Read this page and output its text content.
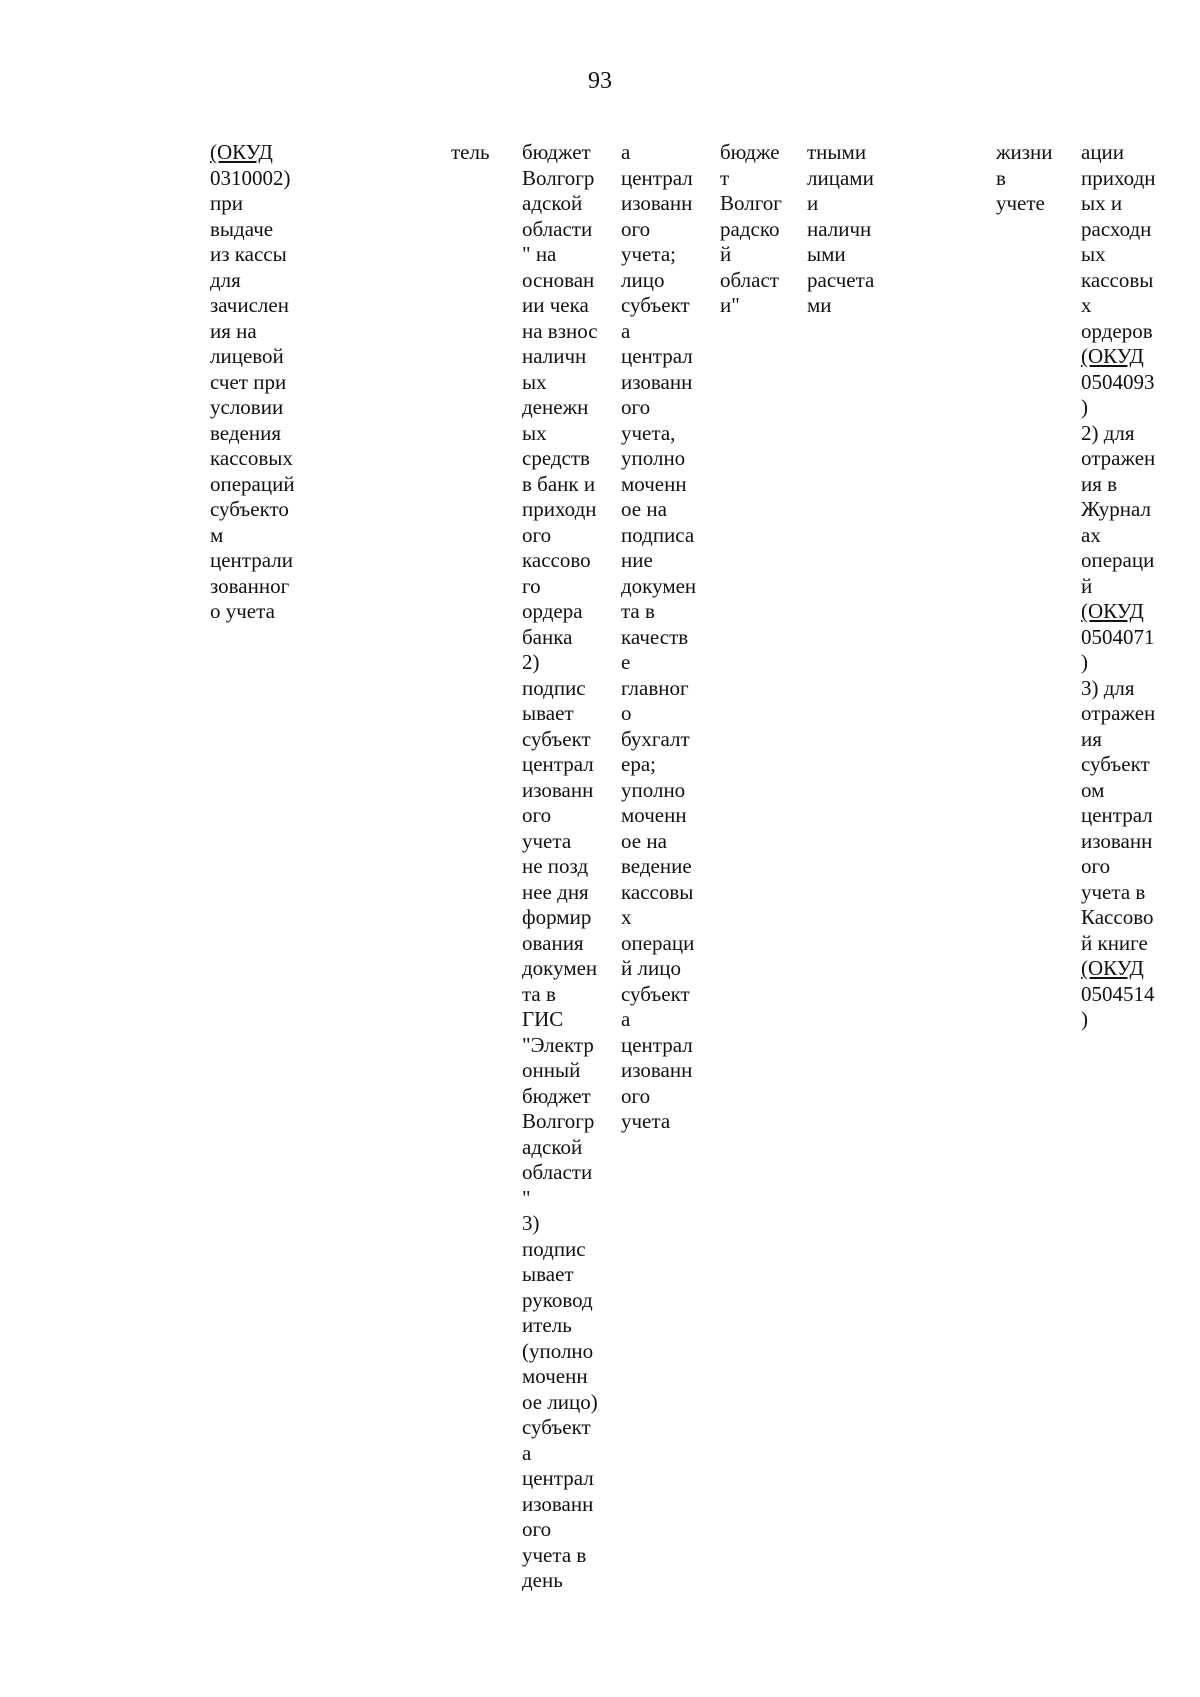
93
(ОКУД
0310002)
при
выдаче
из кассы
для
зачислен
ия на
лицевой
счет при
условии
ведения
кассовых
операций
субъекто
м
централи
зованног
о учета
тель бюджет
Волгогр
адской
области
" на
основан
ии чека
на взнос
наличн
ых
денежн
ых
средств
в банк и
приходн
ого
кассово
го
ордера
банка
2)
подпис
ывает
субъект
централ
изованн
ого
учета
не позд
нее дня
формир
ования
докумен
та в
ГИС
"Электр
онный
бюджет
Волгогр
адской
области
"
3)
подпис
ывает
руковод
итель
(уполно
моченн
ое лицо)
субъект
а
централ
изованн
ого
учета в
день
а
централ
изованн
ого
учета;
лицо
субъект
а
централ
изованн
ого
учета,
уполно
моченн
ое на
подписа
ние
докумен
та в
качеств
е
главног
о
бухгалт
ера;
уполно
моченн
ое на
ведение
кассовы
х
операци
й лицо
субъект
а
централ
изованн
ого
учета
бюдже
т
Волгог
радско
й
област
и"
тными
лицами
и
наличн
ыми
расчета
ми
жизни
в
учете
ации
приходн
ых и
расходн
ых
кассовы
х
ордеров
(ОКУД
0504093
)
2) для
отражен
ия в
Журнал
ах
операци
й
(ОКУД
0504071
)
3) для
отражен
ия
субъект
ом
централ
изованн
ого
учета в
Кассово
й книге
(ОКУД
0504514
)
